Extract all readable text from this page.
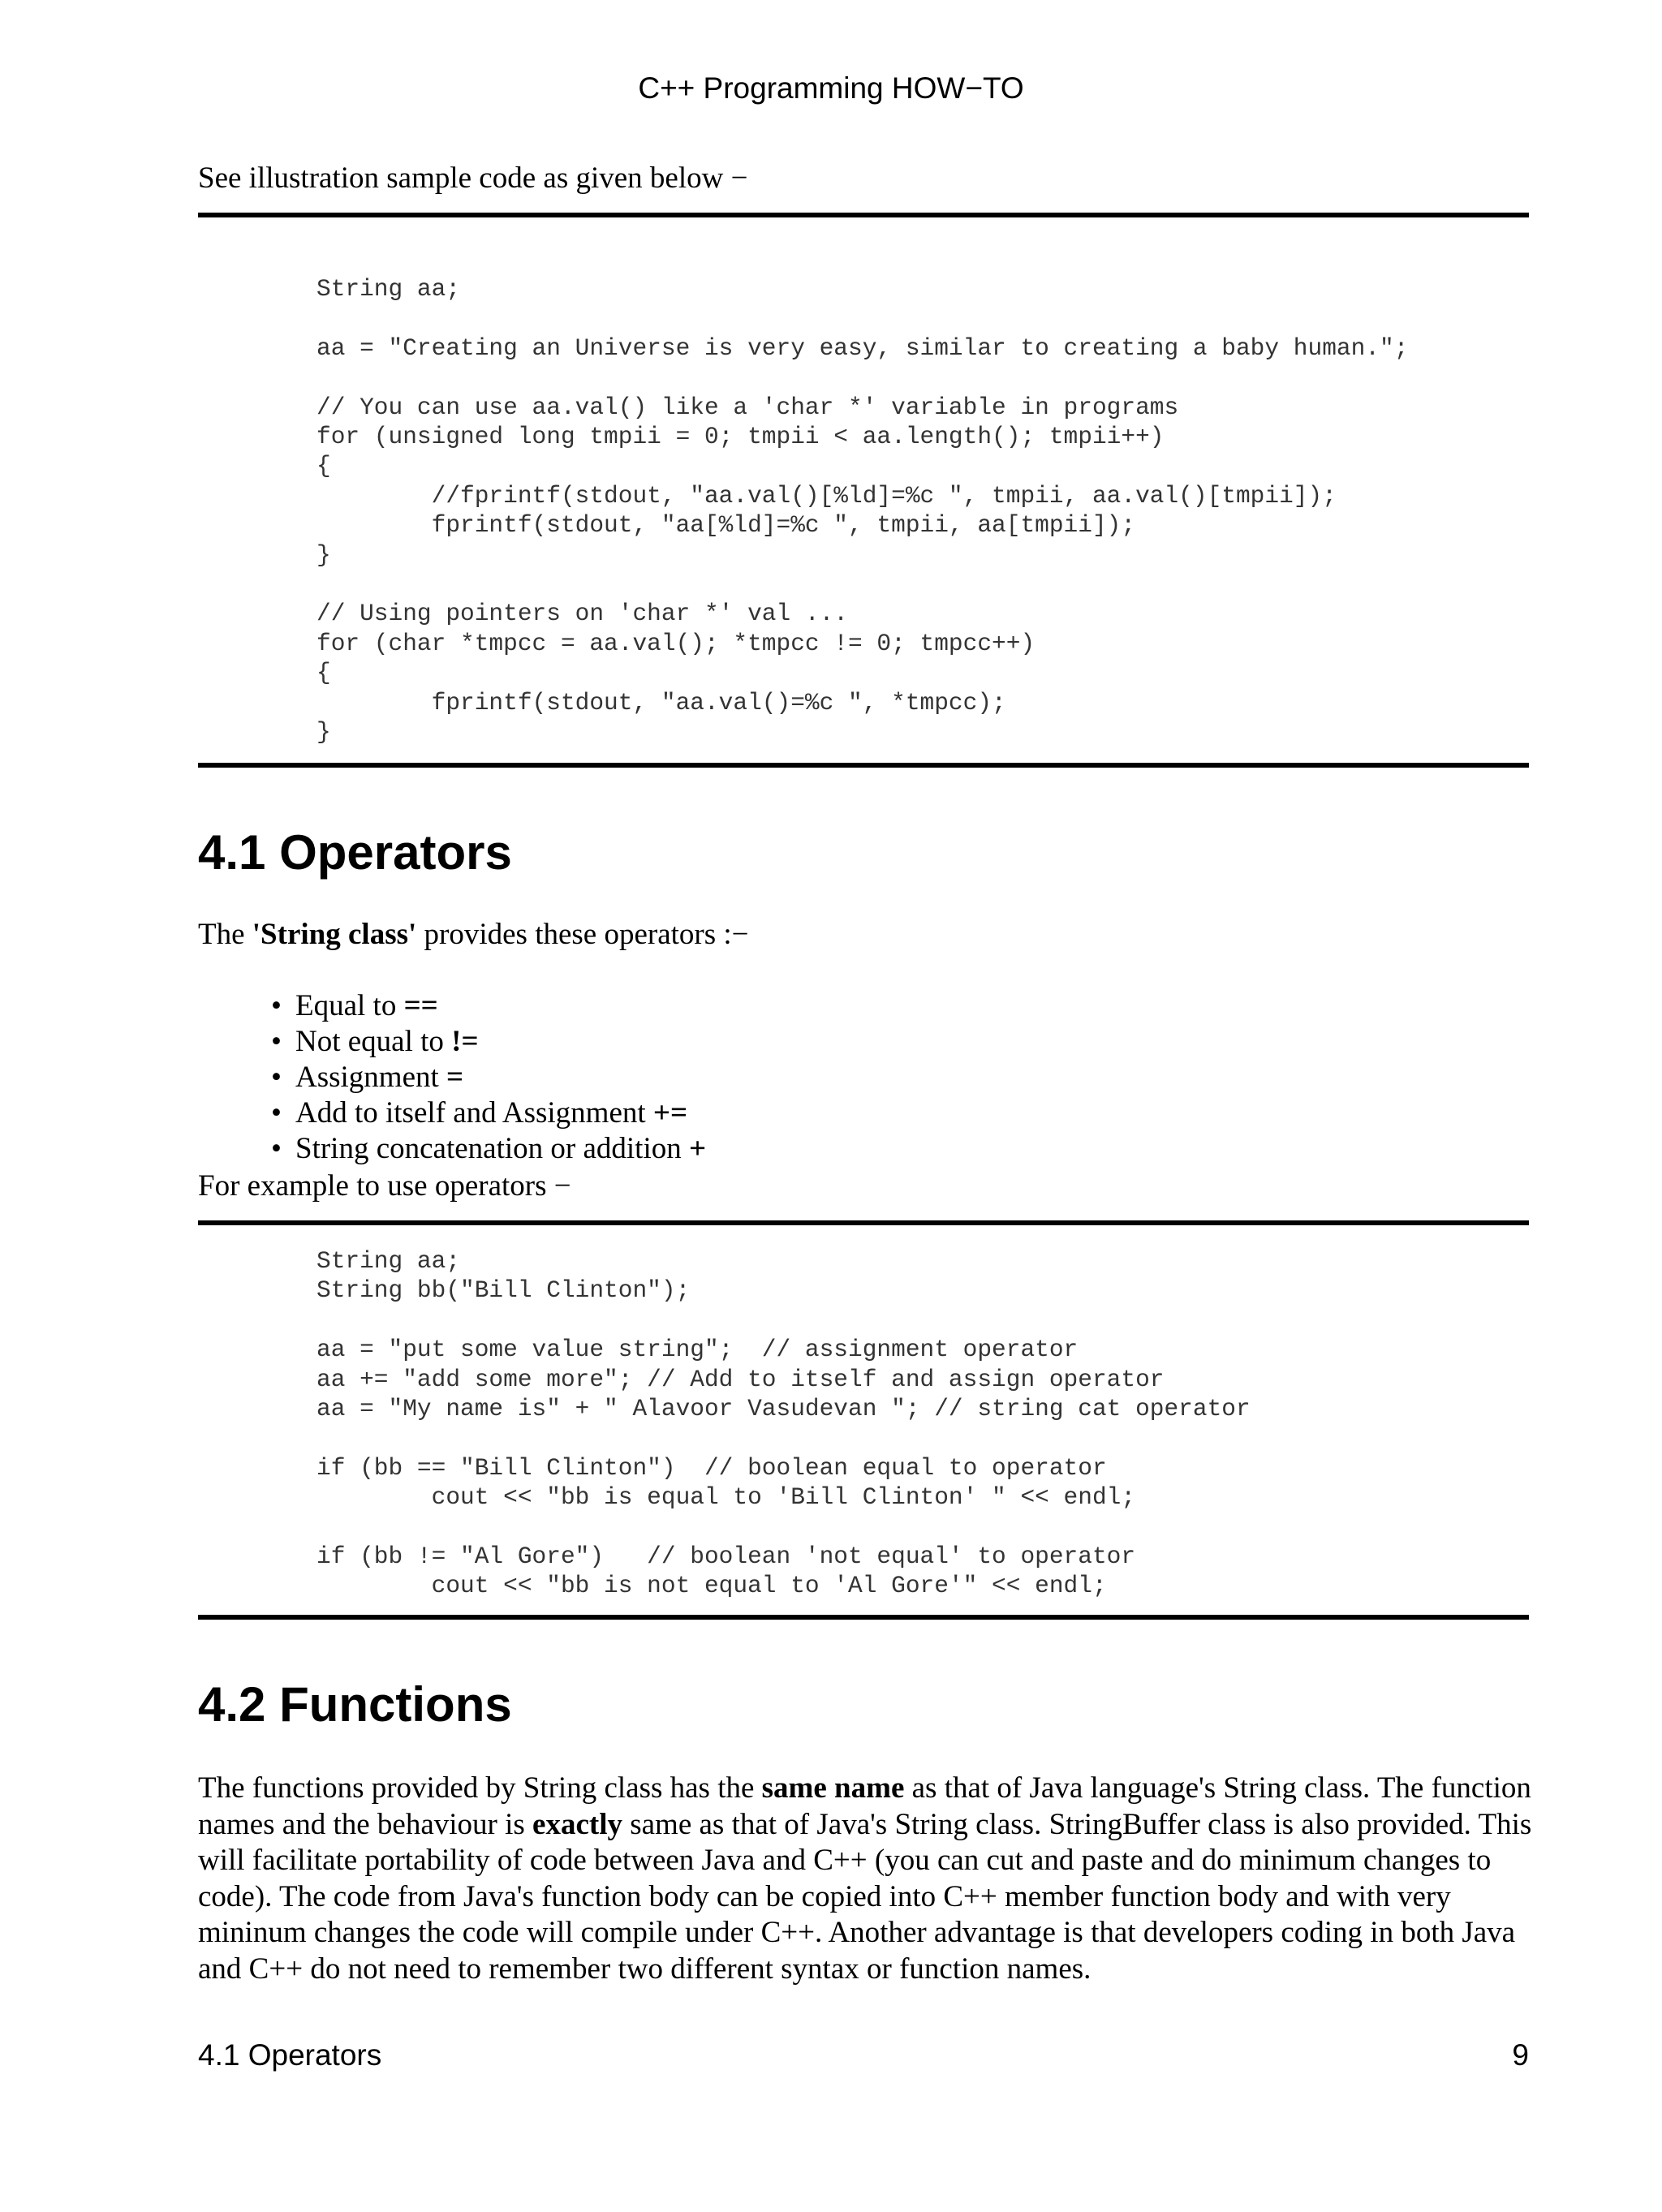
C++ Programming HOW−TO
See illustration sample code as given below −
String aa;

aa = "Creating an Universe is very easy, similar to creating a baby human.";

// You can use aa.val() like a 'char *' variable in programs
for (unsigned long tmpii = 0; tmpii < aa.length(); tmpii++)
{
//fprintf(stdout, "aa.val()[%ld]=%c ", tmpii, aa.val()[tmpii]);
fprintf(stdout, "aa[%ld]=%c ", tmpii, aa[tmpii]);
}

// Using pointers on 'char *' val ...
for (char *tmpcc = aa.val(); *tmpcc != 0; tmpcc++)
{
fprintf(stdout, "aa.val()=%c ", *tmpcc);
}
4.1 Operators
The 'String class' provides these operators :−
• Equal to ==
• Not equal to !=
• Assignment =
• Add to itself and Assignment +=
• String concatenation or addition +
For example to use operators −
String aa;
String bb("Bill Clinton");

aa = "put some value string";  // assignment operator
aa += "add some more"; // Add to itself and assign operator
aa = "My name is" + " Alavoor Vasudevan "; // string cat operator

if (bb == "Bill Clinton")  // boolean equal to operator
cout << "bb is equal to 'Bill Clinton' " << endl;

if (bb != "Al Gore")   // boolean 'not equal' to operator
cout << "bb is not equal to 'Al Gore'" << endl;
4.2 Functions

The functions provided by String class has the same name as that of Java language's String class. The function names and the behaviour is exactly same as that of Java's String class. StringBuffer class is also provided. This will facilitate portability of code between Java and C++ (you can cut and paste and do minimum changes to code). The code from Java's function body can be copied into C++ member function body and with very mininum changes the code will compile under C++. Another advantage is that developers coding in both Java and C++ do not need to remember two different syntax or function names.

4.1 Operators	9
